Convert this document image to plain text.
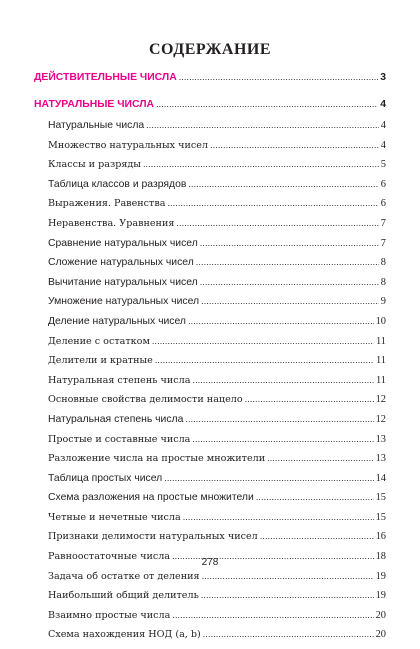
СОДЕРЖАНИЕ
ДЕЙСТВИТЕЛЬНЫЕ ЧИСЛА . . .	3
НАТУРАЛЬНЫЕ ЧИСЛА . . .	4
Натуральные числа . . .	4
Множество натуральных чисел . . .	4
Классы и разряды . . .	5
Таблица классов и разрядов . . .	6
Выражения. Равенства . . .	6
Неравенства. Уравнения . . .	7
Сравнение натуральных чисел . . .	7
Сложение натуральных чисел . . .	8
Вычитание натуральных чисел . . .	8
Умножение натуральных чисел . . .	9
Деление натуральных чисел . . .	10
Деление с остатком . . .	11
Делители и кратные . . .	11
Натуральная степень числа . . .	11
Основные свойства делимости нацело . . .	12
Натуральная степень числа . . .	12
Простые и составные числа . . .	13
Разложение числа на простые множители . . .	13
Таблица простых чисел . . .	14
Схема разложения на простые множители . . .	15
Четные и нечетные числа . . .	15
Признаки делимости натуральных чисел . . .	16
Равноостаточные числа . . .	18
Задача об остатке от деления . . .	19
Наибольший общий делитель . . .	19
Взаимно простые числа . . .	20
Схема нахождения НОД (a, b) . . .	20
278
